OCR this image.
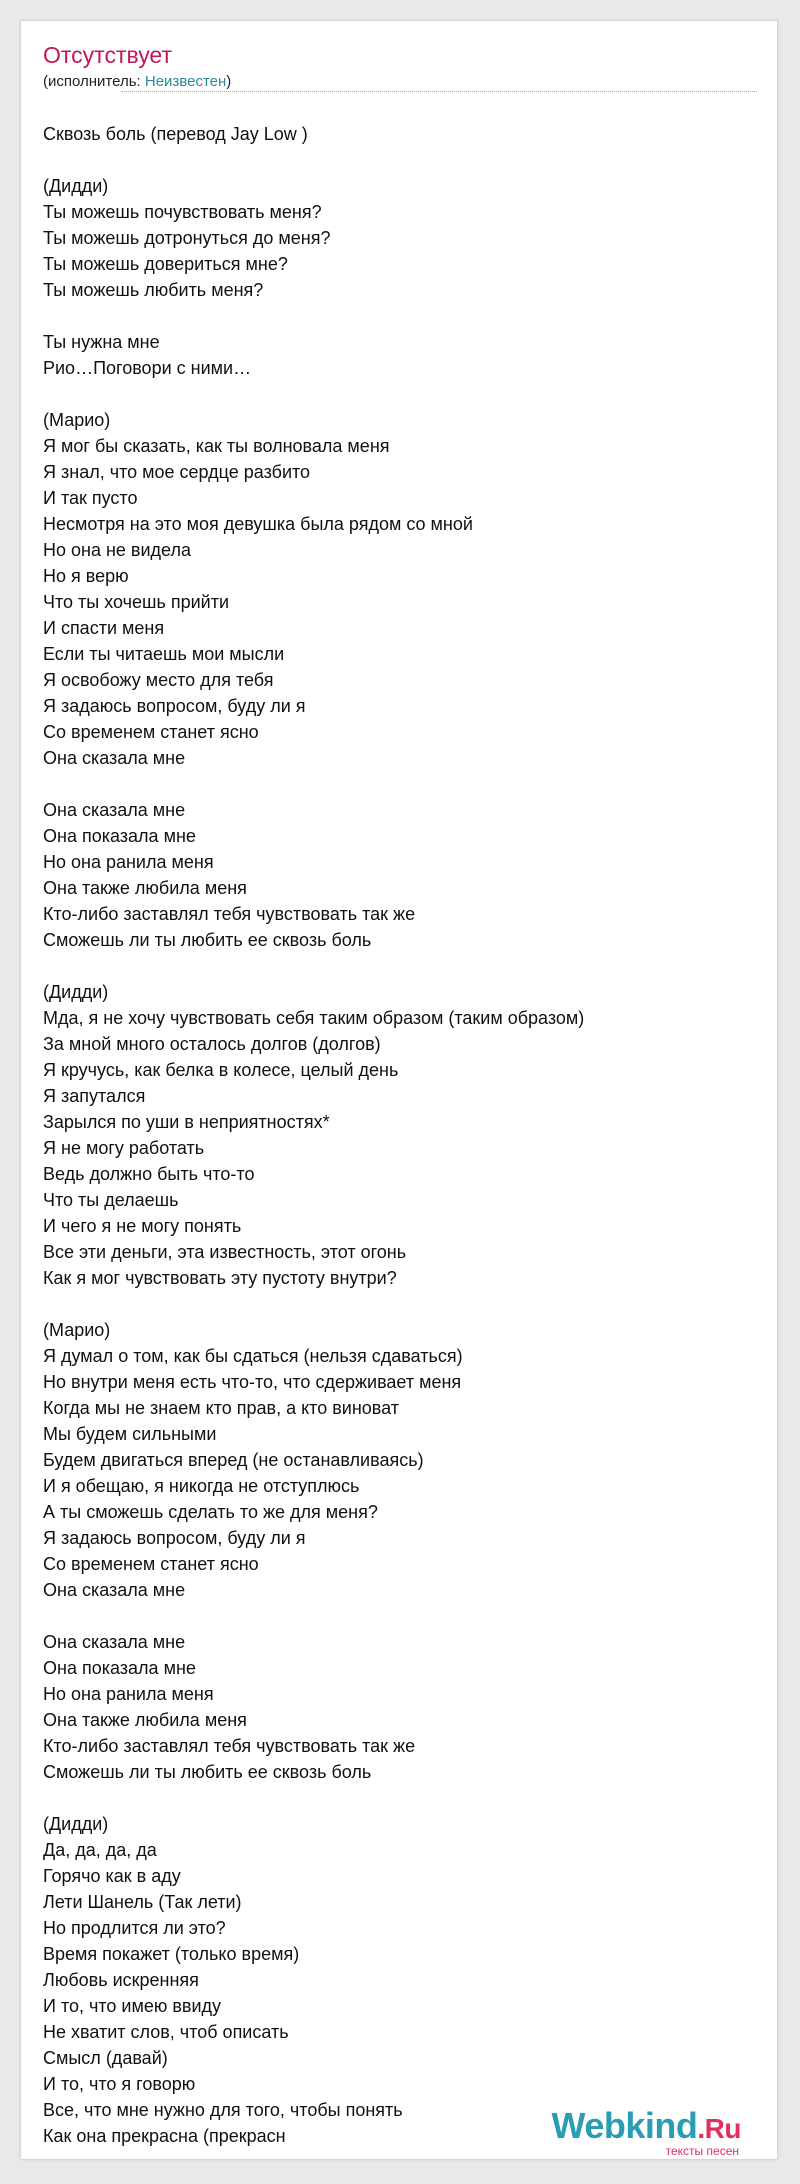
Отсутствует
(исполнитель: Неизвестен)
Сквозь боль (перевод Jay Low )
(Дидди)
Ты можешь почувствовать меня?
Ты можешь дотронуться до меня?
Ты можешь довериться мне?
Ты можешь любить меня?
Ты нужна мне
Рио…Поговори с ними…
(Марио)
Я мог бы сказать, как ты волновала меня
Я знал, что мое сердце разбито
И так пусто
Несмотря на это моя девушка была рядом со мной
Но она не видела
Но я верю
Что ты хочешь прийти
И спасти меня
Если ты читаешь мои мысли
Я освобожу место для тебя
Я задаюсь вопросом, буду ли я
Со временем станет ясно
Она сказала мне
Она сказала мне
Она показала мне
Но она ранила меня
Она также любила меня
Кто-либо заставлял тебя чувствовать так же
Сможешь ли ты любить ее сквозь боль
(Дидди)
Мда, я не хочу чувствовать себя таким образом (таким образом)
За мной много осталось долгов (долгов)
Я кручусь, как белка в колесе, целый день
Я запутался
Зарылся по уши в неприятностях*
Я не могу работать
Ведь должно быть что-то
Что ты делаешь
И чего я не могу понять
Все эти деньги, эта известность, этот огонь
Как я мог чувствовать эту пустоту внутри?
(Марио)
Я думал о том, как бы сдаться (нельзя сдаваться)
Но внутри меня есть что-то, что сдерживает меня
Когда мы не знаем кто прав, а кто виноват
Мы будем сильными
Будем двигаться вперед (не останавливаясь)
И я обещаю, я никогда не отступлюсь
А ты сможешь сделать то же для меня?
Я задаюсь вопросом, буду ли я
Со временем станет ясно
Она сказала мне
Она сказала мне
Она показала мне
Но она ранила меня
Она также любила меня
Кто-либо заставлял тебя чувствовать так же
Сможешь ли ты любить ее сквозь боль
(Дидди)
Да, да, да, да
Горячо как в аду
Лети Шанель (Так лети)
Но продлится ли это?
Время покажет (только время)
Любовь искренняя
И то, что имею ввиду
Не хватит слов, чтоб описать
Смысл (давай)
И то, что я говорю
Все, что мне нужно для того, чтобы понять
Как она прекрасна (прекрасн	Webkind.Ru
тексты песен
